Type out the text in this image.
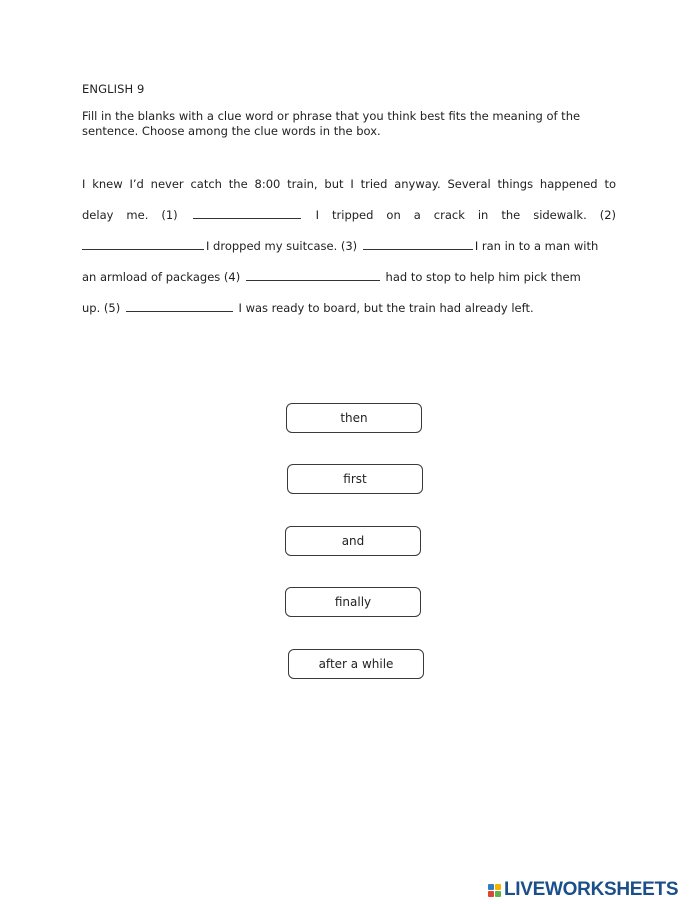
ENGLISH 9
Fill in the blanks with a clue word or phrase that you think best fits the meaning of the sentence. Choose among the clue words in the box.
I knew I’d never catch the 8:00 train, but I tried anyway. Several things happened to
delay me. (1)	I tripped on a crack in the sidewalk. (2)
I dropped my suitcase. (3)	I ran in to a man with
an armload of packages (4)	had to stop to help him pick them
up. (5)	I was ready to board, but the train had already left.
then
first
and
finally
after a while
LIVEWORKSHEETS
